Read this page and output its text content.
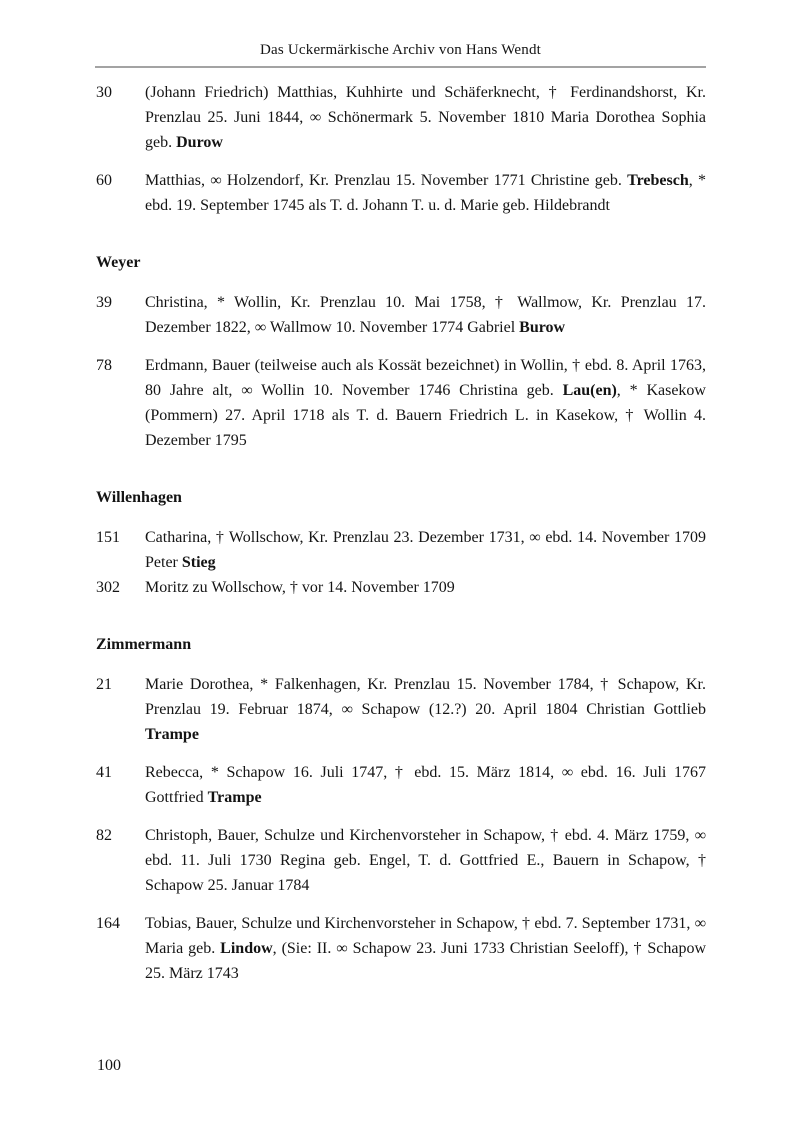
Das Uckermärkische Archiv von Hans Wendt
30	(Johann Friedrich) Matthias, Kuhhirte und Schäferknecht, † Ferdinandshorst, Kr. Prenzlau 25. Juni 1844, ∞ Schönermark 5. November 1810 Maria Dorothea Sophia geb. Durow

60	Matthias, ∞ Holzendorf, Kr. Prenzlau 15. November 1771 Christine geb. Trebesch, * ebd. 19. September 1745 als T. d. Johann T. u. d. Marie geb. Hildebrandt

Weyer
39	Christina, * Wollin, Kr. Prenzlau 10. Mai 1758, † Wallmow, Kr. Prenzlau 17. Dezember 1822, ∞ Wallmow 10. November 1774 Gabriel Burow

78	Erdmann, Bauer (teilweise auch als Kossät bezeichnet) in Wollin, † ebd. 8. April 1763, 80 Jahre alt, ∞ Wollin 10. November 1746 Christina geb. Lau(en), * Kasekow (Pommern) 27. April 1718 als T. d. Bauern Friedrich L. in Kasekow, † Wollin 4. Dezember 1795

Willenhagen
151	Catharina, † Wollschow, Kr. Prenzlau 23. Dezember 1731, ∞ ebd. 14. November 1709 Peter Stieg

302	Moritz zu Wollschow, † vor 14. November 1709

Zimmermann
21	Marie Dorothea, * Falkenhagen, Kr. Prenzlau 15. November 1784, † Schapow, Kr. Prenzlau 19. Februar 1874, ∞ Schapow (12.?) 20. April 1804 Christian Gottlieb Trampe

41	Rebecca, * Schapow 16. Juli 1747, † ebd. 15. März 1814, ∞ ebd. 16. Juli 1767 Gottfried Trampe

82	Christoph, Bauer, Schulze und Kirchenvorsteher in Schapow, † ebd. 4. März 1759, ∞ ebd. 11. Juli 1730 Regina geb. Engel, T. d. Gottfried E., Bauern in Schapow, † Schapow 25. Januar 1784

164	Tobias, Bauer, Schulze und Kirchenvorsteher in Schapow, † ebd. 7. September 1731, ∞ Maria geb. Lindow, (Sie: II. ∞ Schapow 23. Juni 1733 Christian Seeloff), † Schapow 25. März 1743

100
